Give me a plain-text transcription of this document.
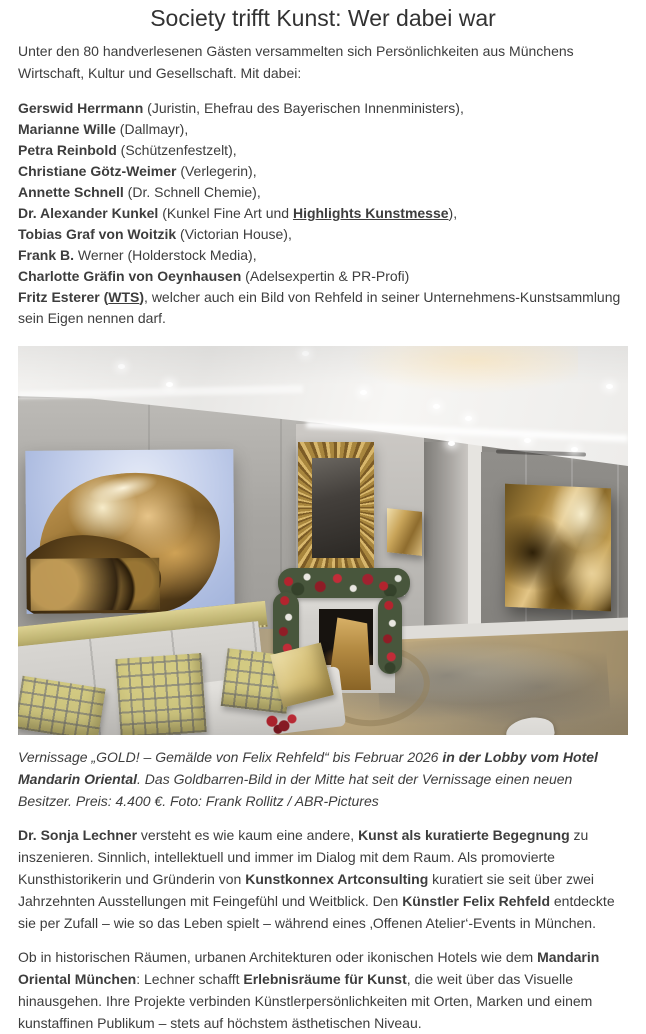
Society trifft Kunst: Wer dabei war

Unter den 80 handverlesenen Gästen versammelten sich Persönlichkeiten aus Münchens Wirtschaft, Kultur und Gesellschaft. Mit dabei:

Gerswid Herrmann (Juristin, Ehefrau des Bayerischen Innenministers),
Marianne Wille (Dallmayr),
Petra Reinbold (Schützenfestzelt),
Christiane Götz-Weimer (Verlegerin),
Annette Schnell (Dr. Schnell Chemie),
Dr. Alexander Kunkel (Kunkel Fine Art und Highlights Kunstmesse),
Tobias Graf von Woitzik (Victorian House),
Frank B. Werner (Holderstock Media),
Charlotte Gräfin von Oeynhausen (Adelsexpertin & PR-Profi)
Fritz Esterer (WTS), welcher auch ein Bild von Rehfeld in seiner Unternehmens-Kunstsammlung sein Eigen nennen darf.
Vernissage „GOLD! – Gemälde von Felix Rehfeld“ bis Februar 2026 in der Lobby vom Hotel Mandarin Oriental. Das Goldbarren-Bild in der Mitte hat seit der Vernissage einen neuen Besitzer. Preis: 4.400 €. Foto: Frank Rollitz / ABR-Pictures

Dr. Sonja Lechner versteht es wie kaum eine andere, Kunst als kuratierte Begegnung zu inszenieren. Sinnlich, intellektuell und immer im Dialog mit dem Raum. Als promovierte Kunsthistorikerin und Gründerin von Kunstkonnex Artconsulting kuratiert sie seit über zwei Jahrzehnten Ausstellungen mit Feingefühl und Weitblick. Den Künstler Felix Rehfeld entdeckte sie per Zufall – wie so das Leben spielt – während eines ‚Offenen Atelier‘-Events in München.

Ob in historischen Räumen, urbanen Architekturen oder ikonischen Hotels wie dem Mandarin Oriental München: Lechner schafft Erlebnisräume für Kunst, die weit über das Visuelle hinausgehen. Ihre Projekte verbinden Künstlerpersönlichkeiten mit Orten, Marken und einem kunstaffinen Publikum – stets auf höchstem ästhetischen Niveau.
